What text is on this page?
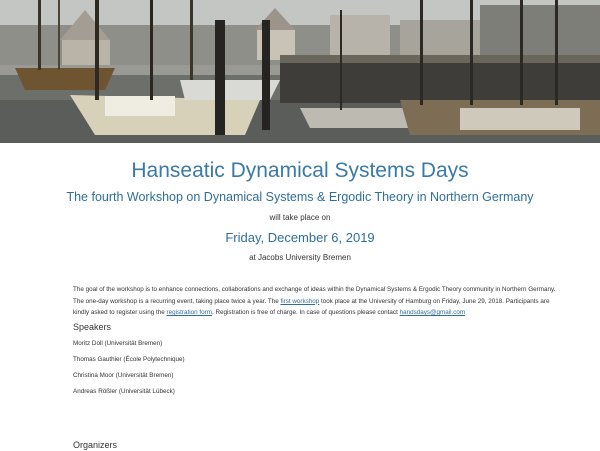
Hanseatic Dynamical Systems Days
The fourth Workshop on Dynamical Systems & Ergodic Theory in Northern Germany
will take place on
Friday, December 6, 2019
at Jacobs University Bremen
The goal of the workshop is to enhance connections, collaborations and exchange of ideas within the Dynamical Systems & Ergodic Theory community in Northern Germany. The one-day workshop is a recurring event, taking place twice a year. The first workshop took place at the University of Hamburg on Friday, June 29, 2018. Participants are kindly asked to register using the registration form. Registration is free of charge. In case of questions please contact handsdays@gmail.com
Speakers
Moritz Doll (Universität Bremen)
Thomas Gauthier (École Polytechnique)
Christina Moor (Universität Bremen)
Andreas Rößler (Universität Lübeck)
Organizers
